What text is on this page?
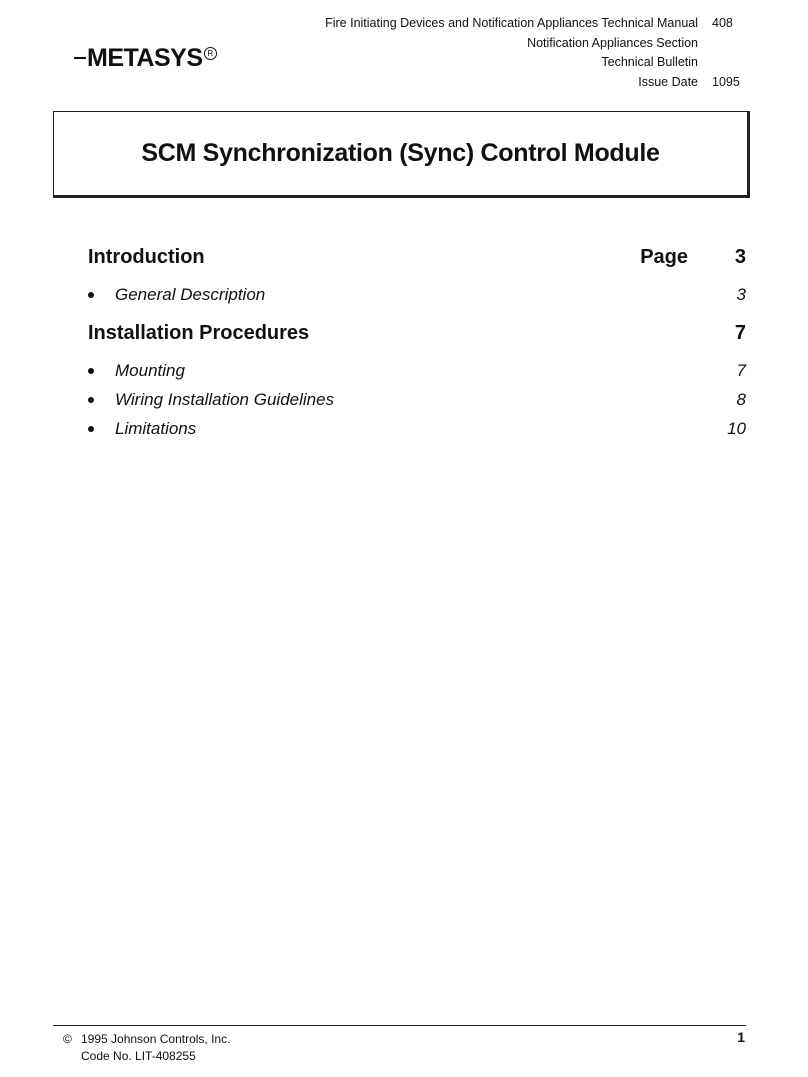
Fire Initiating Devices and Notification Appliances Technical Manual	408
Notification Appliances Section
Technical Bulletin
Issue Date	1095
METASYS R
SCM Synchronization (Sync) Control Module
Introduction	Page 3
General Description	3
Installation Procedures	7
Mounting	7
Wiring Installation Guidelines	8
Limitations	10
© 1995 Johnson Controls, Inc.
Code No. LIT-408255
1
